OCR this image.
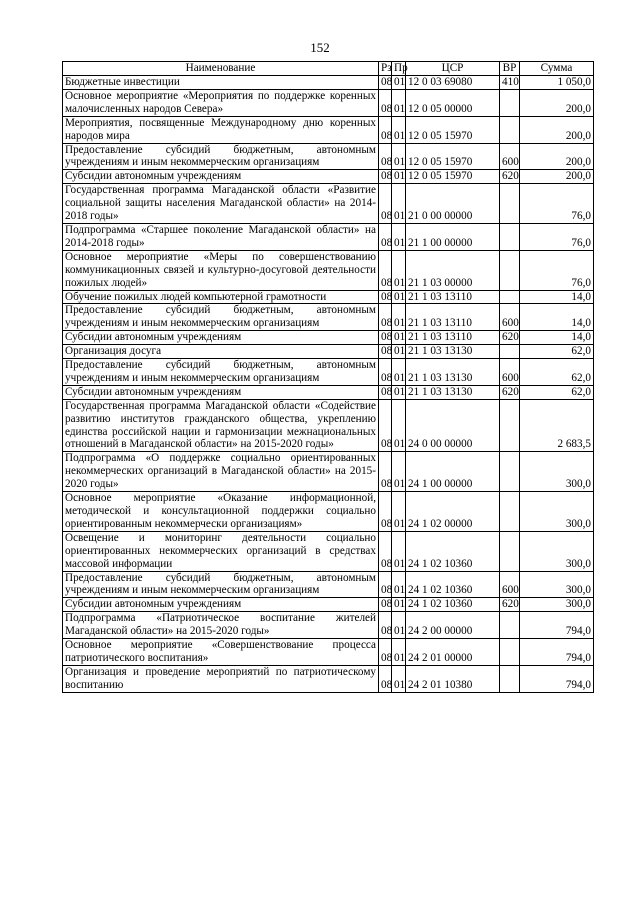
152
Наименование	Рз	Пр	ЦСР	ВР	Сумма
Бюджетные инвестиции	08	01	12 0 03 69080	410	1 050,0
Основное мероприятие «Мероприятия по поддержке коренных малочисленных народов Севера»	08	01	12 0 05 00000		200,0
Мероприятия, посвященные Международному дню коренных народов мира	08	01	12 0 05 15970		200,0
Предоставление субсидий бюджетным, автономным учреждениям и иным некоммерческим организациям	08	01	12 0 05 15970	600	200,0
Субсидии автономным учреждениям	08	01	12 0 05 15970	620	200,0
Государственная программа Магаданской области «Развитие социальной защиты населения Магаданской области» на 2014-2018 годы»	08	01	21 0 00 00000		76,0
Подпрограмма «Старшее поколение Магаданской области» на 2014-2018 годы»	08	01	21 1 00 00000		76,0
Основное мероприятие «Меры по совершенствованию коммуникационных связей и культурно-досуговой деятельности пожилых людей»	08	01	21 1 03 00000		76,0
Обучение пожилых людей компьютерной грамотности	08	01	21 1 03 13110		14,0
Предоставление субсидий бюджетным, автономным учреждениям и иным некоммерческим организациям	08	01	21 1 03 13110	600	14,0
Субсидии автономным учреждениям	08	01	21 1 03 13110	620	14,0
Организация досуга	08	01	21 1 03 13130		62,0
Предоставление субсидий бюджетным, автономным учреждениям и иным некоммерческим организациям	08	01	21 1 03 13130	600	62,0
Субсидии автономным учреждениям	08	01	21 1 03 13130	620	62,0
Государственная программа Магаданской области «Содействие развитию институтов гражданского общества, укреплению единства российской нации и гармонизации межнациональных отношений в Магаданской области» на 2015-2020 годы»	08	01	24 0 00 00000		2 683,5
Подпрограмма «О поддержке социально ориентированных некоммерческих организаций в Магаданской области» на 2015-2020 годы»	08	01	24 1 00 00000		300,0
Основное мероприятие «Оказание информационной, методической и консультационной поддержки социально ориентированным некоммерчески организациям»	08	01	24 1 02 00000		300,0
Освещение и мониторинг деятельности социально ориентированных некоммерческих организаций в средствах массовой информации	08	01	24 1 02 10360		300,0
Предоставление субсидий бюджетным, автономным учреждениям и иным некоммерческим организациям	08	01	24 1 02 10360	600	300,0
Субсидии автономным учреждениям	08	01	24 1 02 10360	620	300,0
Подпрограмма «Патриотическое воспитание жителей Магаданской области» на 2015-2020 годы»	08	01	24 2 00 00000		794,0
Основное мероприятие «Совершенствование процесса патриотического воспитания»	08	01	24 2 01 00000		794,0
Организация и проведение мероприятий по патриотическому воспитанию	08	01	24 2 01 10380		794,0
